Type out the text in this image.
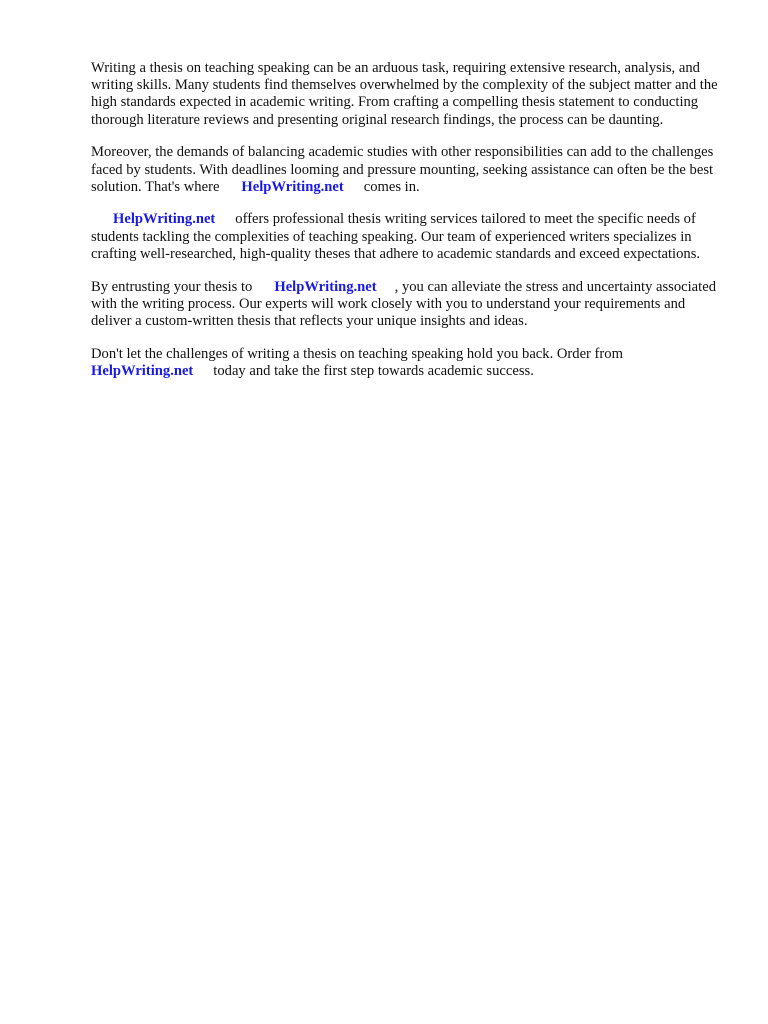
Writing a thesis on teaching speaking can be an arduous task, requiring extensive research, analysis, and writing skills. Many students find themselves overwhelmed by the complexity of the subject matter and the high standards expected in academic writing. From crafting a compelling thesis statement to conducting thorough literature reviews and presenting original research findings, the process can be daunting.

Moreover, the demands of balancing academic studies with other responsibilities can add to the challenges faced by students. With deadlines looming and pressure mounting, seeking assistance can often be the best solution. That's where HelpWriting.net comes in.

HelpWriting.net offers professional thesis writing services tailored to meet the specific needs of students tackling the complexities of teaching speaking. Our team of experienced writers specializes in crafting well-researched, high-quality theses that adhere to academic standards and exceed expectations.

By entrusting your thesis to HelpWriting.net , you can alleviate the stress and uncertainty associated with the writing process. Our experts will work closely with you to understand your requirements and deliver a custom-written thesis that reflects your unique insights and ideas.

Don't let the challenges of writing a thesis on teaching speaking hold you back. Order from HelpWriting.net today and take the first step towards academic success.
